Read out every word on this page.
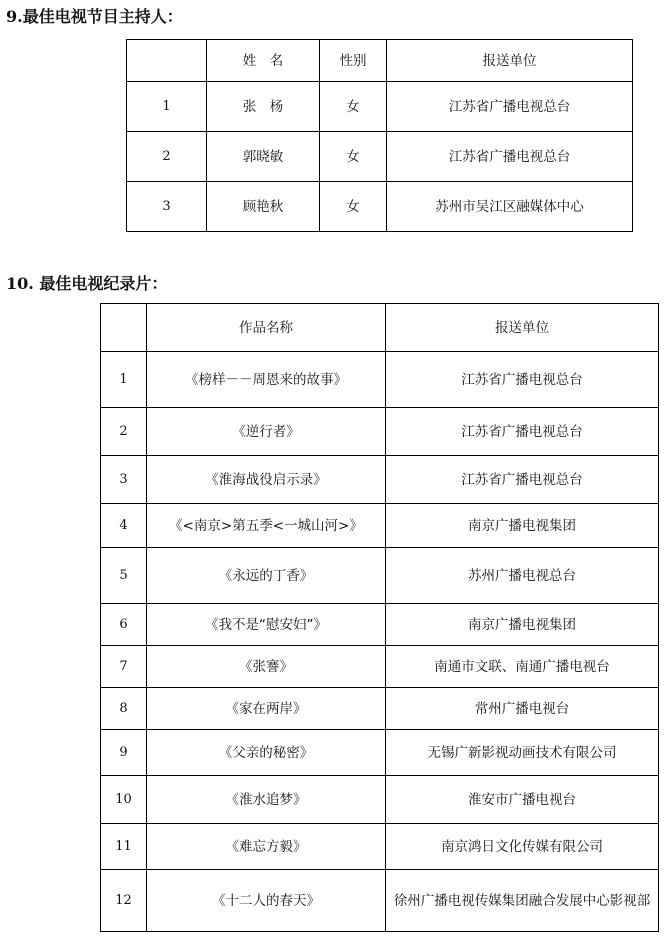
9.最佳电视节目主持人：
	姓　名	性别	报送单位
1	张　杨	女	江苏省广播电视总台
2	郭晓敏	女	江苏省广播电视总台
3	顾艳秋	女	苏州市吴江区融媒体中心
10. 最佳电视纪录片：
	作品名称	报送单位
1	《榜样－－周恩来的故事》	江苏省广播电视总台
2	《逆行者》	江苏省广播电视总台
3	《淮海战役启示录》	江苏省广播电视总台
4	《<南京>第五季<一城山河>》	南京广播电视集团
5	《永远的丁香》	苏州广播电视总台
6	《我不是“慰安妇”》	南京广播电视集团
7	《张謇》	南通市文联、南通广播电视台
8	《家在两岸》	常州广播电视台
9	《父亲的秘密》	无锡广新影视动画技术有限公司
10	《淮水追梦》	淮安市广播电视台
11	《难忘方毅》	南京鸿日文化传媒有限公司
12	《十二人的春天》	徐州广播电视传媒集团融合发展中心影视部
